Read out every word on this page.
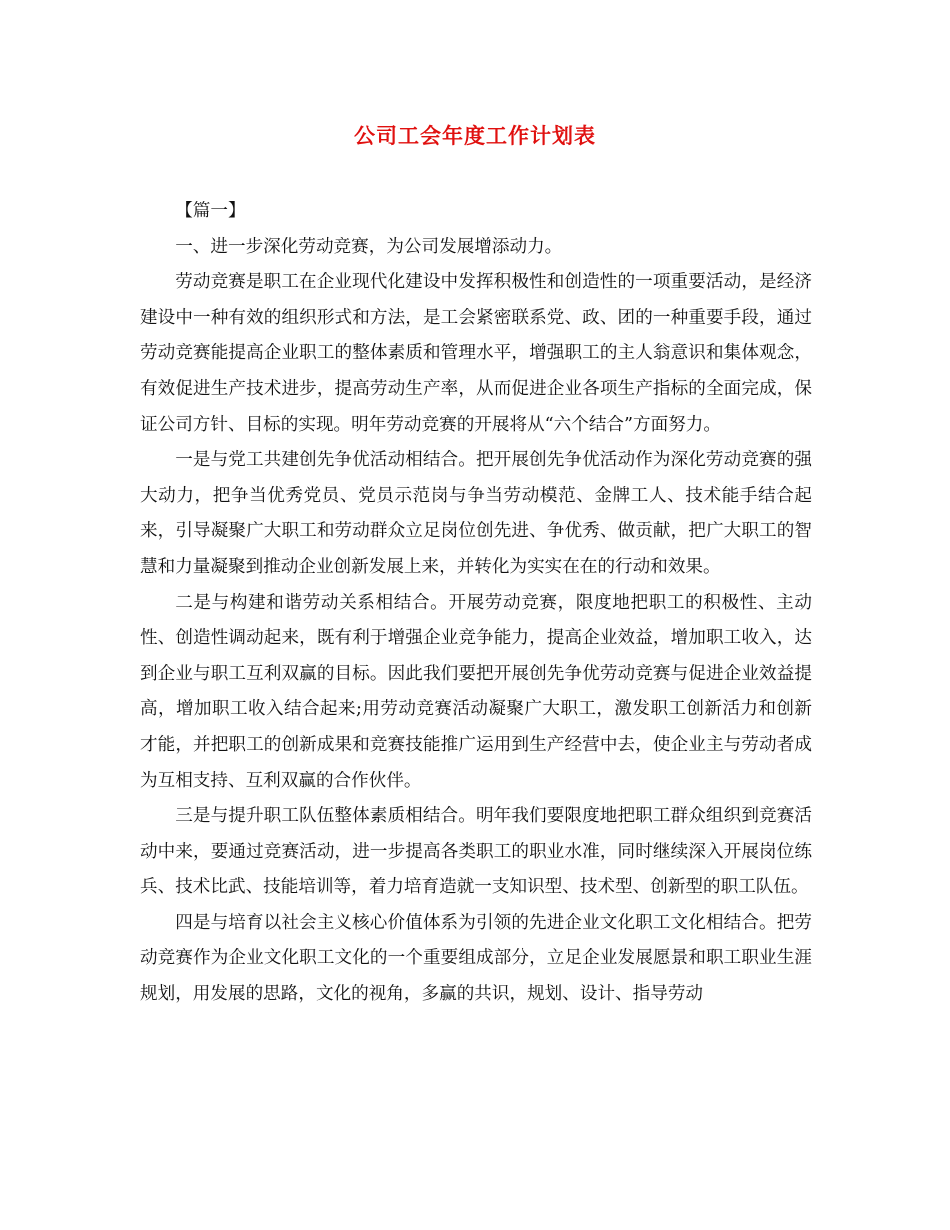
公司工会年度工作计划表

【篇一】

一、进一步深化劳动竞赛，为公司发展增添动力。

劳动竞赛是职工在企业现代化建设中发挥积极性和创造性的一项重要活动，是经济建设中一种有效的组织形式和方法，是工会紧密联系党、政、团的一种重要手段，通过劳动竞赛能提高企业职工的整体素质和管理水平，增强职工的主人翁意识和集体观念，有效促进生产技术进步，提高劳动生产率，从而促进企业各项生产指标的全面完成，保证公司方针、目标的实现。明年劳动竞赛的开展将从“六个结合”方面努力。

一是与党工共建创先争优活动相结合。把开展创先争优活动作为深化劳动竞赛的强大动力，把争当优秀党员、党员示范岗与争当劳动模范、金牌工人、技术能手结合起来，引导凝聚广大职工和劳动群众立足岗位创先进、争优秀、做贡献，把广大职工的智慧和力量凝聚到推动企业创新发展上来，并转化为实实在在的行动和效果。

二是与构建和谐劳动关系相结合。开展劳动竞赛，限度地把职工的积极性、主动性、创造性调动起来，既有利于增强企业竞争能力，提高企业效益，增加职工收入，达到企业与职工互利双赢的目标。因此我们要把开展创先争优劳动竞赛与促进企业效益提高，增加职工收入结合起来;用劳动竞赛活动凝聚广大职工，激发职工创新活力和创新才能，并把职工的创新成果和竞赛技能推广运用到生产经营中去，使企业主与劳动者成为互相支持、互利双赢的合作伙伴。

三是与提升职工队伍整体素质相结合。明年我们要限度地把职工群众组织到竞赛活动中来，要通过竞赛活动，进一步提高各类职工的职业水准，同时继续深入开展岗位练兵、技术比武、技能培训等，着力培育造就一支知识型、技术型、创新型的职工队伍。

四是与培育以社会主义核心价值体系为引领的先进企业文化职工文化相结合。把劳动竞赛作为企业文化职工文化的一个重要组成部分，立足企业发展愿景和职工职业生涯规划，用发展的思路，文化的视角，多赢的共识，规划、设计、指导劳动
